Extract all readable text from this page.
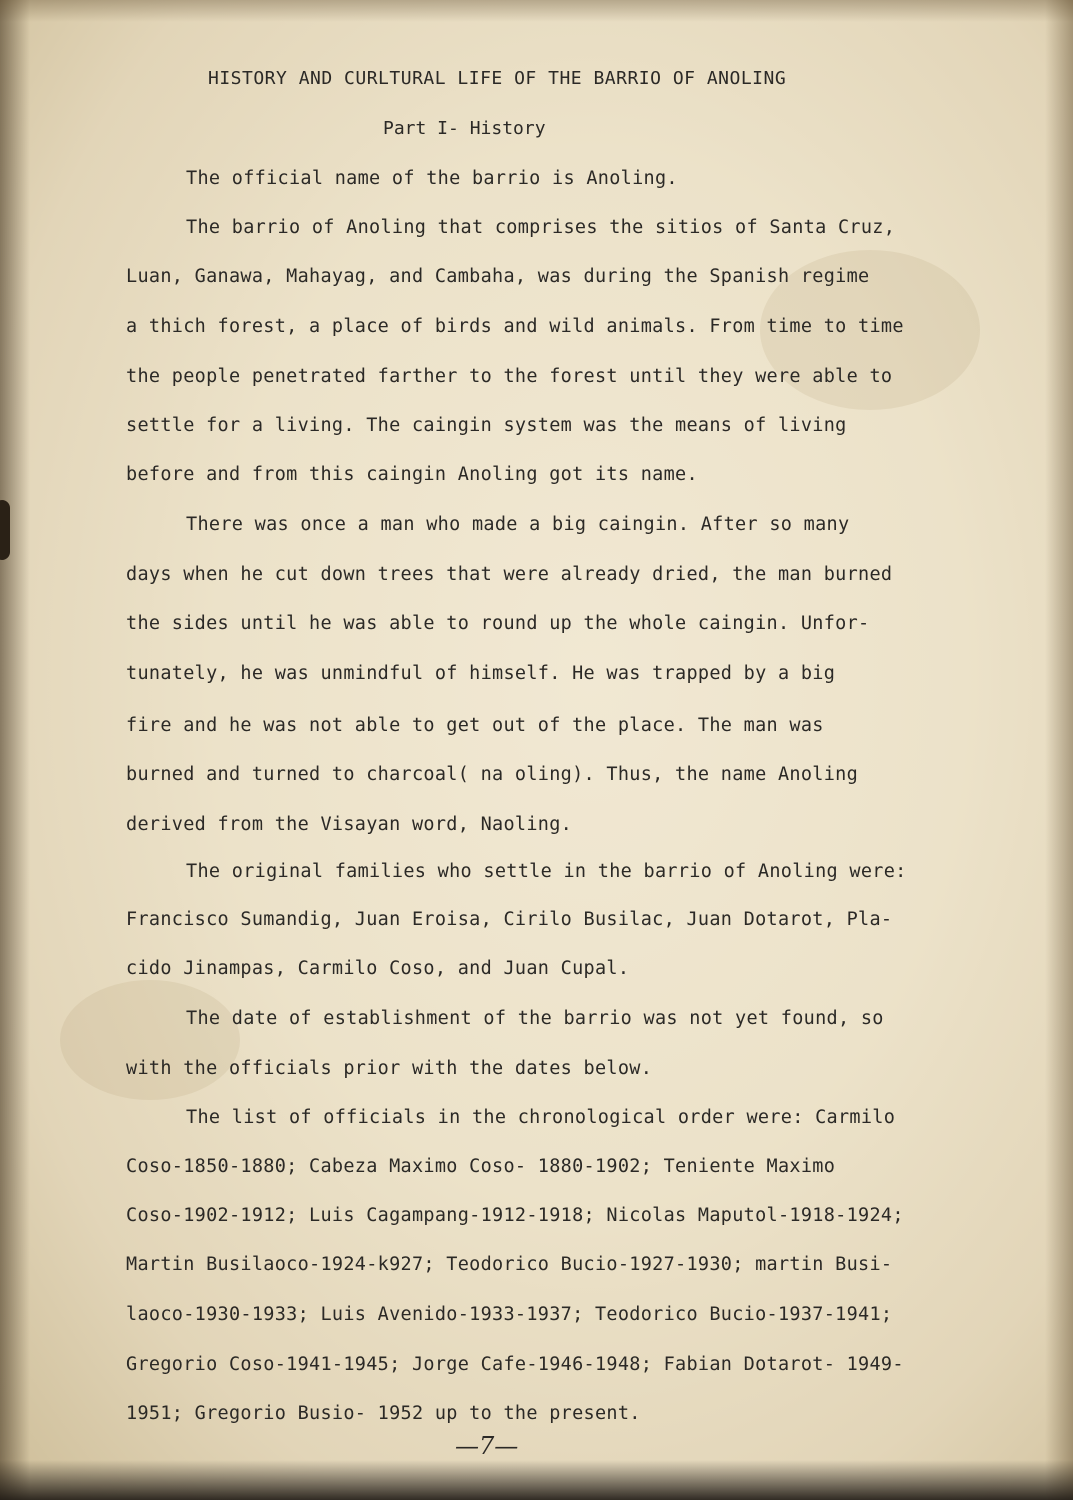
HISTORY AND CURLTURAL LIFE OF THE BARRIO OF ANOLING
Part I- History
The official name of the barrio is Anoling.
The barrio of Anoling that comprises the sitios of Santa Cruz,
Luan, Ganawa, Mahayag, and Cambaha, was during the Spanish regime
a thich forest, a place of birds and wild animals. From time to time
the people penetrated farther to the forest until they were able to
settle for a living. The caingin system was the means of living
before and from this caingin Anoling got its name.
There was once a man who made a big caingin. After so many
days when he cut down trees that were already dried, the man burned
the sides until he was able to round up the whole caingin. Unfor-
tunately, he was unmindful of himself. He was trapped by a big
fire and he was not able to get out of the place. The man was
burned and turned to charcoal( na oling). Thus, the name Anoling
derived from the Visayan word, Naoling.
The original families who settle in the barrio of Anoling were:
Francisco Sumandig, Juan Eroisa, Cirilo Busilac, Juan Dotarot, Pla-
cido Jinampas, Carmilo Coso, and Juan Cupal.
The date of establishment of the barrio was not yet found, so
with the officials prior with the dates below.
The list of officials in the chronological order were: Carmilo
Coso-1850-1880; Cabeza Maximo Coso- 1880-1902; Teniente Maximo
Coso-1902-1912; Luis Cagampang-1912-1918; Nicolas Maputol-1918-1924;
Martin Busilaoco-1924-k927; Teodorico Bucio-1927-1930; martin Busi-
laoco-1930-1933; Luis Avenido-1933-1937; Teodorico Bucio-1937-1941;
Gregorio Coso-1941-1945; Jorge Cafe-1946-1948; Fabian Dotarot- 1949-
1951; Gregorio Busio- 1952 up to the present.
—7—
